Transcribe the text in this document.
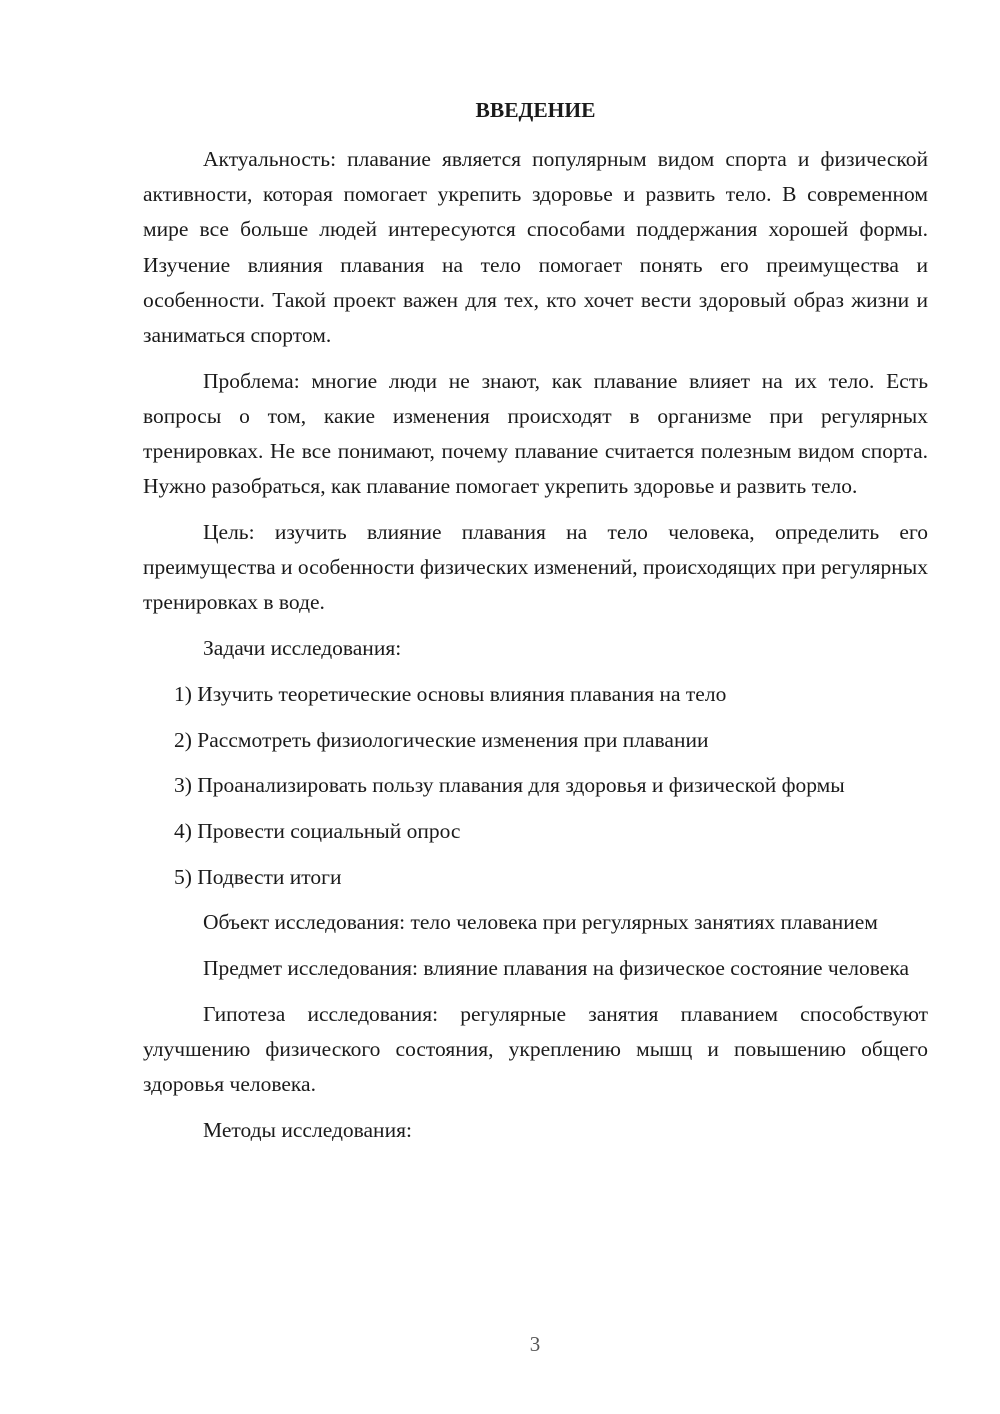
ВВЕДЕНИЕ

Актуальность: плавание является популярным видом спорта и физической активности, которая помогает укрепить здоровье и развить тело. В современном мире все больше людей интересуются способами поддержания хорошей формы. Изучение влияния плавания на тело помогает понять его преимущества и особенности. Такой проект важен для тех, кто хочет вести здоровый образ жизни и заниматься спортом.

Проблема: многие люди не знают, как плавание влияет на их тело. Есть вопросы о том, какие изменения происходят в организме при регулярных тренировках. Не все понимают, почему плавание считается полезным видом спорта. Нужно разобраться, как плавание помогает укрепить здоровье и развить тело.

Цель: изучить влияние плавания на тело человека, определить его преимущества и особенности физических изменений, происходящих при регулярных тренировках в воде.

Задачи исследования:

1) Изучить теоретические основы влияния плавания на тело

2) Рассмотреть физиологические изменения при плавании

3) Проанализировать пользу плавания для здоровья и физической формы

4) Провести социальный опрос

5) Подвести итоги

Объект исследования: тело человека при регулярных занятиях плаванием

Предмет исследования: влияние плавания на физическое состояние человека

Гипотеза исследования: регулярные занятия плаванием способствуют улучшению физического состояния, укреплению мышц и повышению общего здоровья человека.

Методы исследования:

3
